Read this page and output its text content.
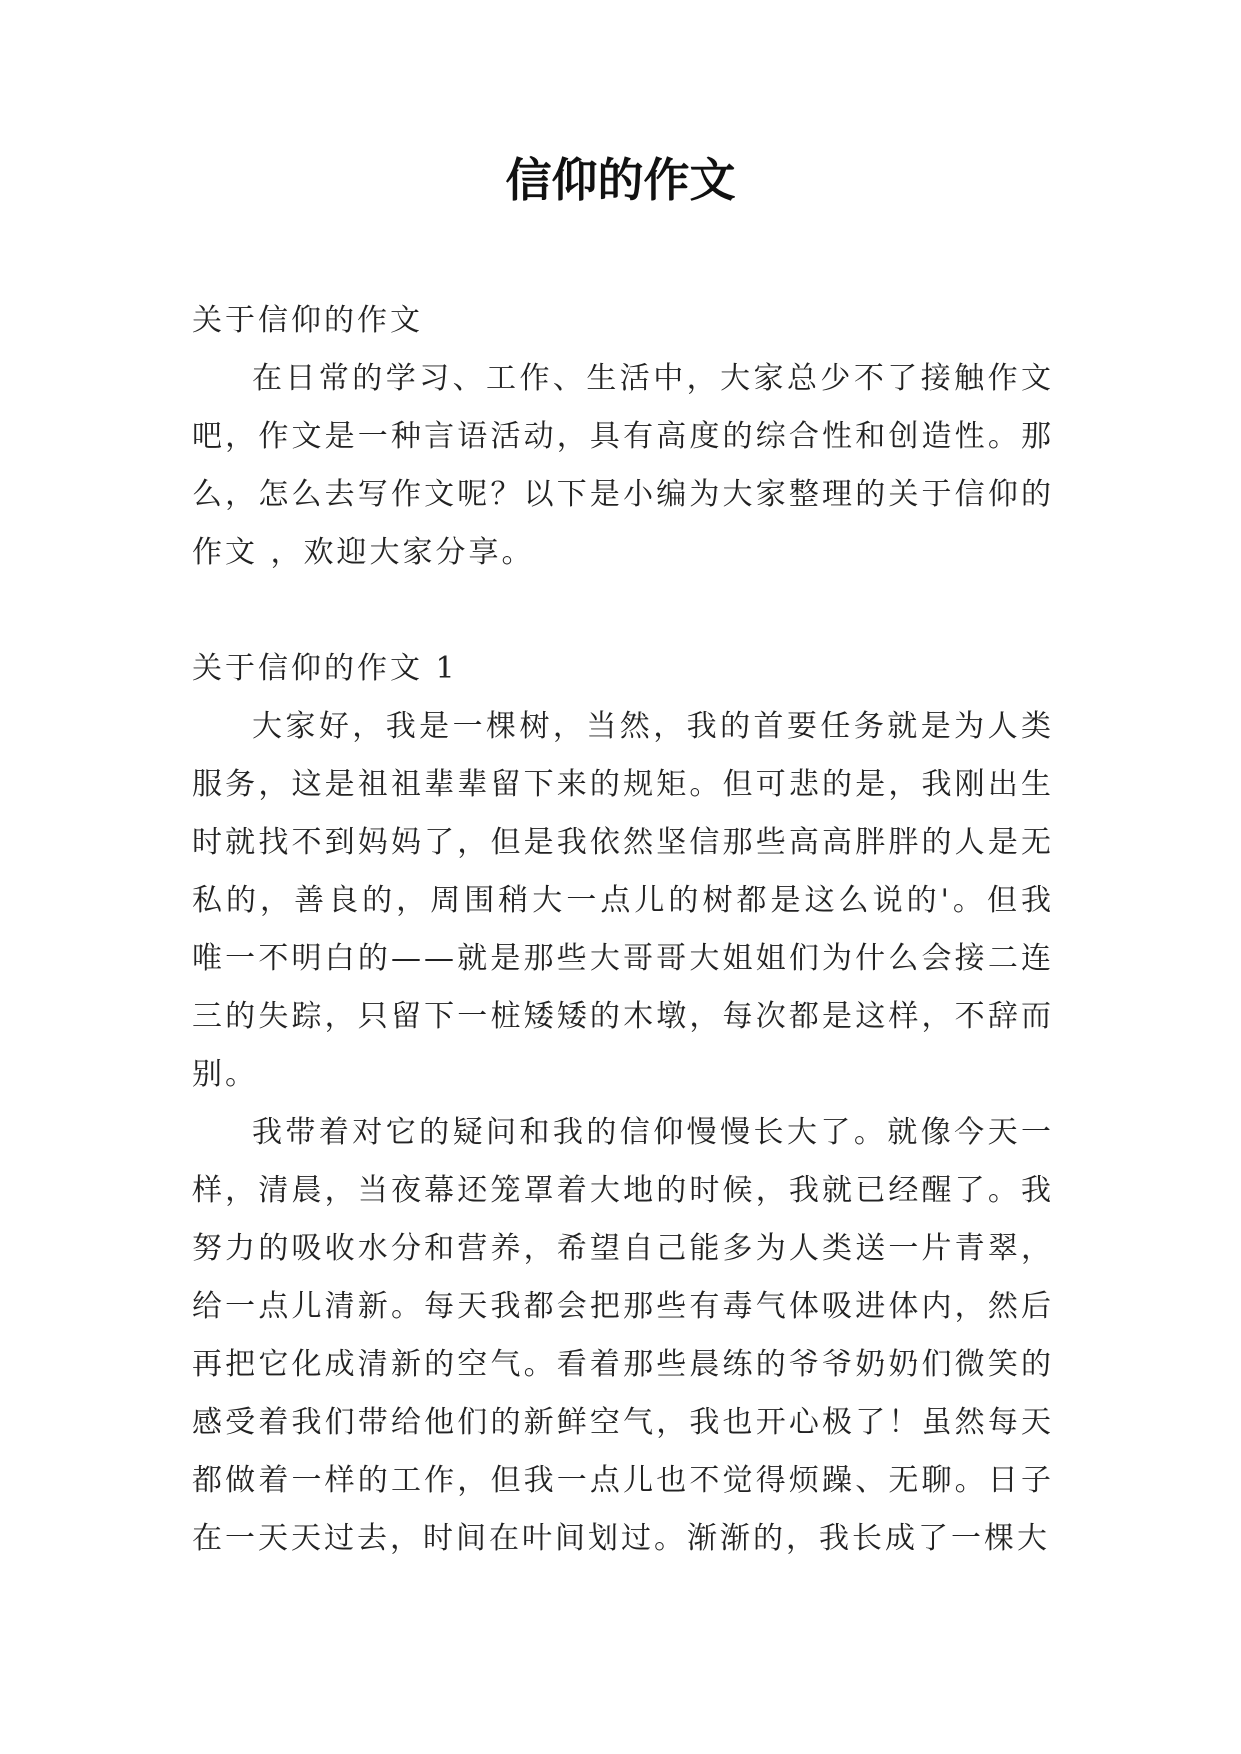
信仰的作文

关于信仰的作文

在日常的学习、工作、生活中，大家总少不了接触作文吧，作文是一种言语活动，具有高度的综合性和创造性。那么，怎么去写作文呢？以下是小编为大家整理的关于信仰的作文 ，欢迎大家分享。

关于信仰的作文 1

大家好，我是一棵树，当然，我的首要任务就是为人类服务，这是祖祖辈辈留下来的规矩。但可悲的是，我刚出生时就找不到妈妈了，但是我依然坚信那些高高胖胖的人是无私的，善良的，周围稍大一点儿的树都是这么说的'。但我唯一不明白的——就是那些大哥哥大姐姐们为什么会接二连三的失踪，只留下一桩矮矮的木墩，每次都是这样，不辞而别。

我带着对它的疑问和我的信仰慢慢长大了。就像今天一样，清晨，当夜幕还笼罩着大地的时候，我就已经醒了。我努力的吸收水分和营养，希望自己能多为人类送一片青翠，给一点儿清新。每天我都会把那些有毒气体吸进体内，然后再把它化成清新的空气。看着那些晨练的爷爷奶奶们微笑的感受着我们带给他们的新鲜空气，我也开心极了！虽然每天都做着一样的工作，但我一点儿也不觉得烦躁、无聊。日子在一天天过去，时间在叶间划过。渐渐的，我长成了一棵大
